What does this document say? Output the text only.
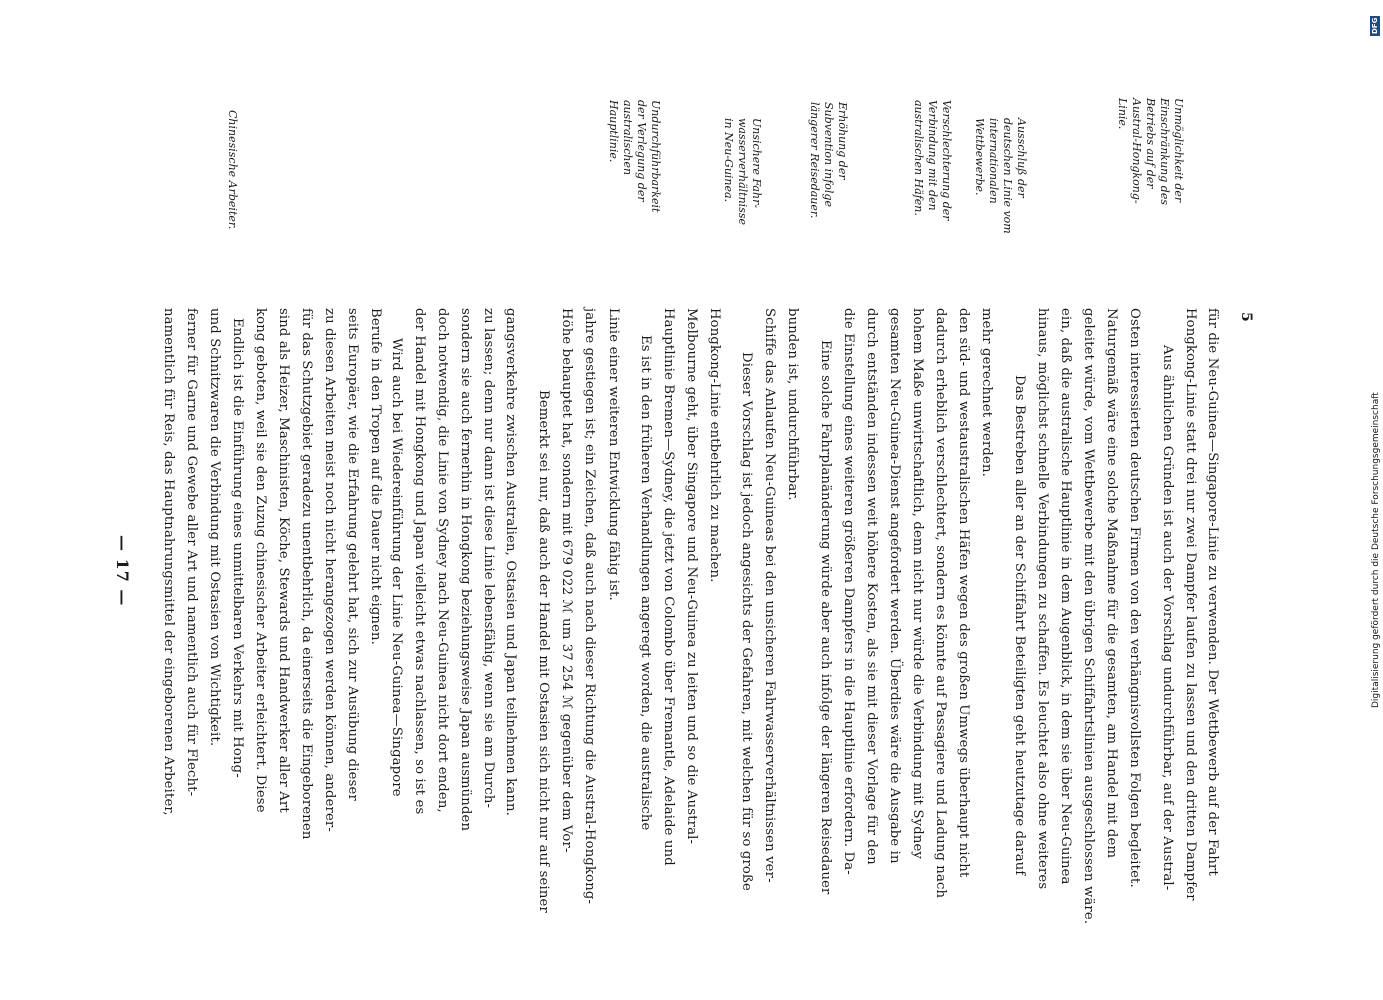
— 17 — namentlich für Reis, das Hauptnahrungsmittel der eingeborenen Arbeiter, ferner für Garne und Gewebe aller Art und namentlich auch für Flecht- und Schnitzwaren die Verbindung mit Ostasien von Wichtigkeit. Endlich ist die Einführung eines unmittelbaren Verkehrs mit Hong- kong geboten, weil sie den Zuzug chinesischer Arbeiter erleichtert. Diese sind als Heizer, Maschinisten, Köche, Stewards und Handwerker aller Art für das Schutzgebiet geradezu unentbehrlich, da einerseits die Eingeborenen zu diesen Arbeiten meist noch nicht herangezogen werden können, anderer- seits Europäer, wie die Erfahrung gelehrt hat, sich zur Ausübung dieser Berufe in den Tropen auf die Dauer nicht eignen. Wird auch bei Wiedereinführung der Linie Neu-Guinea—Singapore der Handel mit Hongkong und Japan vielleicht etwas nachlassen, so ist es doch notwendig, die Linie von Sydney nach Neu-Guinea nicht dort enden, sondern sie auch fernerhin in Hongkong beziehungsweise Japan ausmünden zu lassen; denn nur dann ist diese Linie lebensfähig, wenn sie am Durch- gangsverkehre zwischen Australien, Ostasien und Japan teilnehmen kann. Bemerkt sei nur, daß auch der Handel mit Ostasien sich nicht nur auf seiner Höhe behauptet hat, sondern mit 679 022 ℳ um 37 254 ℳ gegenüber dem Vor- jahre gestiegen ist; ein Zeichen, daß auch nach dieser Richtung die Austral-Hongkong- Linie einer weiteren Entwicklung fähig ist. Es ist in den früheren Verhandlungen angeregt worden, die australische Hauptlinie Bremen—Sydney, die jetzt von Colombo über Fremantle, Adelaide und Melbourne geht, über Singapore und Neu-Guinea zu leiten und so die Austral- Hongkong-Linie entbehrlich zu machen. Dieser Vorschlag ist jedoch angesichts der Gefahren, mit welchen für so große Schiffe das Anlaufen Neu-Guineas bei den unsicheren Fahrwasserverhältnissen ver- bunden ist, undurchführbar. Eine solche Fahrplanänderung würde aber auch infolge der längeren Reisedauer die Einstellung eines weiteren größeren Dampfers in die Hauptlinie erfordern. Da- durch entständen indessen weit höhere Kosten, als sie mit dieser Vorlage für den gesamten Neu-Guinea-Dienst angefordert werden. Überdies wäre die Ausgabe in hohem Maße unwirtschaftlich, denn nicht nur würde die Verbindung mit Sydney dadurch erheblich verschlechtert, sondern es könnte auf Passagiere und Ladung nach den süd- und westaustralischen Häfen wegen des großen Umwegs überhaupt nicht mehr gerechnet werden. Das Bestreben aller an der Schiffahrt Beteiligten geht heutzutage darauf hinaus, möglichst schnelle Verbindungen zu schaffen. Es leuchtet also ohne weiteres ein, daß die australische Hauptlinie in dem Augenblick, in dem sie über Neu-Guinea geleitet würde, vom Wettbewerbe mit den übrigen Schiffahrtslinien ausgeschlossen wäre. Naturgemäß wäre eine solche Maßnahme für die gesamten, am Handel mit dem Osten interessierten deutschen Firmen von den verhängnisvollsten Folgen begleitet. Aus ähnlichen Gründen ist auch der Vorschlag undurchführbar, auf der Austral- Hongkong-Linie statt drei nur zwei Dampfer laufen zu lassen und den dritten Dampfer für die Neu-Guinea—Singapore-Linie zu verwenden. Der Wettbewerb auf der Fahrt
Chinesische Arbeiter.	Undurchführbarkeit
der Verlegung der
australischen
Hauptlinie.	Unsichere Fahr-
wasserverhältnisse
in Neu-Guinea.	Erhöhung der
Subvention infolge
längerer Reisedauer.	Verschlechterung der
Verbindung mit den
australischen Häfen.	Ausschluß der
deutschen Linie vom
internationalen
Wettbewerbe.	Unmöglichkeit der
Einschränkung des
Betriebs auf der
Austral-Hongkong-
Linie.
5
Digitalisierung gefördert durch die Deutsche Forschungsgemeinschaft
DFG
